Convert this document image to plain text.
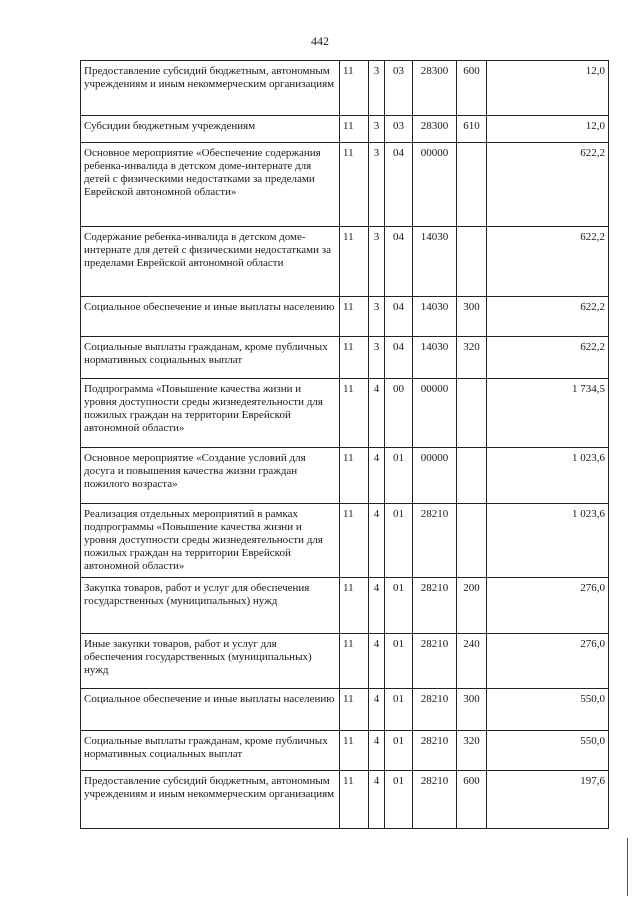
442
Предоставление субсидий бюджетным, автономным учреждениям и иным некоммерческим организациям	11	3	03	28300	600	12,0
Субсидии бюджетным учреждениям	11	3	03	28300	610	12,0
Основное мероприятие «Обеспечение содержания ребенка-инвалида в детском доме-интернате для детей с физическими недостатками за пределами Еврейской автономной области»	11	3	04	00000		622,2
Содержание ребенка-инвалида в детском доме-интернате для детей с физическими недостатками за пределами Еврейской автономной области	11	3	04	14030		622,2
Социальное обеспечение и иные выплаты населению	11	3	04	14030	300	622,2
Социальные выплаты гражданам, кроме публичных нормативных социальных выплат	11	3	04	14030	320	622,2
Подпрограмма «Повышение качества жизни и уровня доступности среды жизнедеятельности для пожилых граждан на территории Еврейской автономной области»	11	4	00	00000		1 734,5
Основное мероприятие «Создание условий для досуга и повышения качества жизни граждан пожилого возраста»	11	4	01	00000		1 023,6
Реализация отдельных мероприятий в рамках подпрограммы «Повышение качества жизни и уровня доступности среды жизнедеятельности для пожилых граждан на территории Еврейской автономной области»	11	4	01	28210		1 023,6
Закупка товаров, работ и услуг для обеспечения государственных (муниципальных) нужд	11	4	01	28210	200	276,0
Иные закупки товаров, работ и услуг для обеспечения государственных (муниципальных) нужд	11	4	01	28210	240	276,0
Социальное обеспечение и иные выплаты населению	11	4	01	28210	300	550,0
Социальные выплаты гражданам, кроме публичных нормативных социальных выплат	11	4	01	28210	320	550,0
Предоставление субсидий бюджетным, автономным учреждениям и иным некоммерческим организациям	11	4	01	28210	600	197,6
